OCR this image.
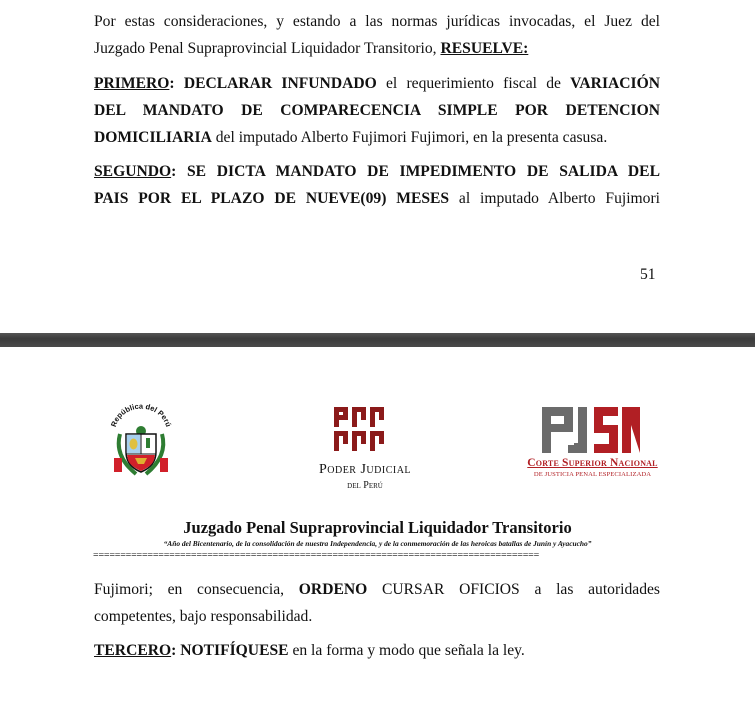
Por estas consideraciones, y estando a las normas jurídicas invocadas, el Juez del
Juzgado Penal Supraprovincial Liquidador Transitorio, RESUELVE:
PRIMERO: DECLARAR INFUNDADO el requerimiento fiscal de VARIACIÓN
DEL MANDATO DE COMPARECENCIA SIMPLE POR DETENCION
DOMICILIARIA del imputado Alberto Fujimori Fujimori, en la presenta casusa.
SEGUNDO: SE DICTA MANDATO DE IMPEDIMENTO DE SALIDA DEL
PAIS POR EL PLAZO DE NUEVE(09) MESES al imputado Alberto Fujimori
51
República del Perú
Poder Judicial
del Perú
Corte Superior Nacional
DE JUSTICIA PENAL ESPECIALIZADA
Juzgado Penal Supraprovincial Liquidador Transitorio
“Año del Bicentenario, de la consolidación de nuestra Independencia, y de la conmemoración de las heroicas batallas de Junín y Ayacucho”
==================================================================================
Fujimori; en consecuencia, ORDENO CURSAR OFICIOS a las autoridades
competentes, bajo responsabilidad.
TERCERO: NOTIFÍQUESE en la forma y modo que señala la ley.
